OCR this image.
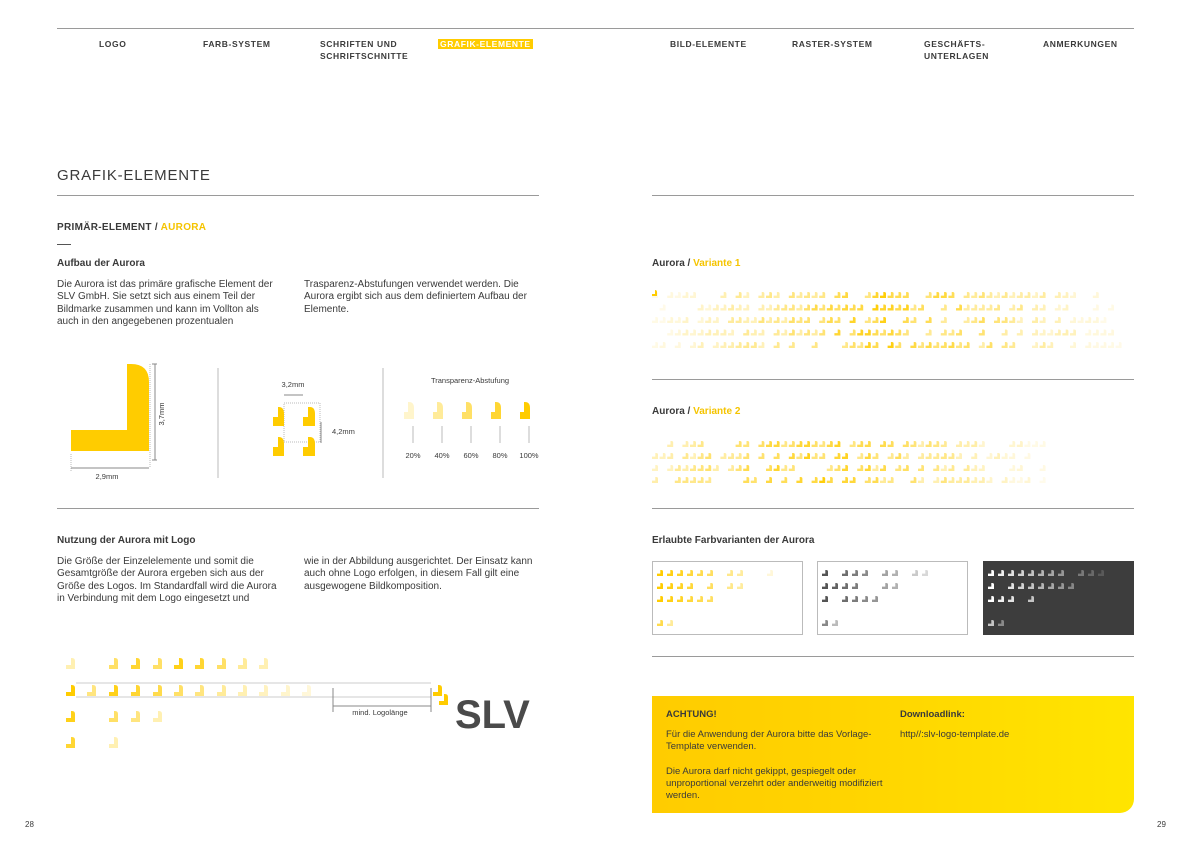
LOGO	FARB-SYSTEM	SCHRIFTEN UND SCHRIFTSCHNITTE
GRAFIK-ELEMENTE	BILD-ELEMENTE	RASTER-SYSTEM	GESCHÄFTS-UNTERLAGEN
ANMERKUNGEN
GRAFIK-ELEMENTE
PRIMÄR-ELEMENT / AURORA
Aufbau der Aurora
Die Aurora ist das primäre grafische Element der SLV GmbH. Sie setzt sich aus einem Teil der Bildmarke zusammen und kann im Vollton als auch in den angegebenen prozentualen
Trasparenz-Abstufungen verwendet werden. Die Aurora ergibt sich aus dem definiertem Aufbau der Elemente.
3,7mm
2,9mm
3,2mm
4,2mm
Transparenz-Abstufung
20% 40% 60% 80% 100%
Nutzung der Aurora mit Logo
Die Größe der Einzelelemente und somit die Gesamtgröße der Aurora ergeben sich aus der Größe des Logos. Im Standardfall wird die Aurora in Verbindung mit dem Logo eingesetzt und
wie in der Abbildung ausgerichtet. Der Einsatz kann auch ohne Logo erfolgen, in diesem Fall gilt eine ausgewogene Bildkomposition.
mind. Logolänge SLV
28
Aurora / Variante 1
Aurora / Variante 2
Erlaubte Farbvarianten der Aurora
ACHTUNG!
Für die Anwendung der Aurora bitte das Vorlage-Template verwenden.
Die Aurora darf nicht gekippt, gespiegelt oder unproportional verzehrt oder anderweitig modifiziert werden.
Downloadlink:
http//:slv-logo-template.de
29
